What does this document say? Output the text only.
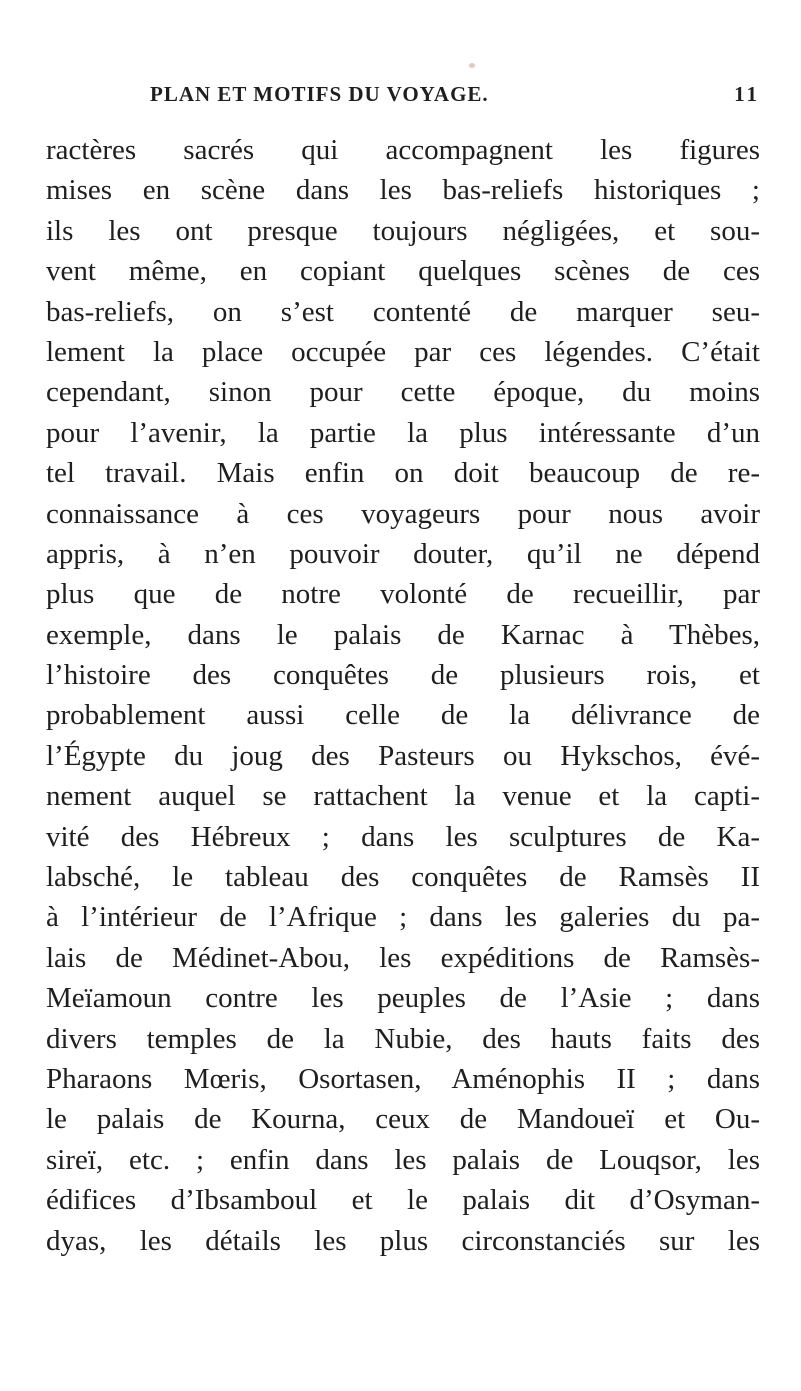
PLAN ET MOTIFS DU VOYAGE.	11
ractères sacrés qui accompagnent les figures
mises en scène dans les bas-reliefs historiques ;
ils les ont presque toujours négligées, et sou-
vent même, en copiant quelques scènes de ces
bas-reliefs, on s’est contenté de marquer seu-
lement la place occupée par ces légendes. C’était
cependant, sinon pour cette époque, du moins
pour l’avenir, la partie la plus intéressante d’un
tel travail. Mais enfin on doit beaucoup de re-
connaissance à ces voyageurs pour nous avoir
appris, à n’en pouvoir douter, qu’il ne dépend
plus que de notre volonté de recueillir, par
exemple, dans le palais de Karnac à Thèbes,
l’histoire des conquêtes de plusieurs rois, et
probablement aussi celle de la délivrance de
l’Égypte du joug des Pasteurs ou Hykschos, évé-
nement auquel se rattachent la venue et la capti-
vité des Hébreux ; dans les sculptures de Ka-
labsché, le tableau des conquêtes de Ramsès II
à l’intérieur de l’Afrique ; dans les galeries du pa-
lais de Médinet-Abou, les expéditions de Ramsès-
Meïamoun contre les peuples de l’Asie ; dans
divers temples de la Nubie, des hauts faits des
Pharaons Mœris, Osortasen, Aménophis II ; dans
le palais de Kourna, ceux de Mandoueï et Ou-
sireï, etc. ; enfin dans les palais de Louqsor, les
édifices d’Ibsamboul et le palais dit d’Osyman-
dyas, les détails les plus circonstanciés sur les
